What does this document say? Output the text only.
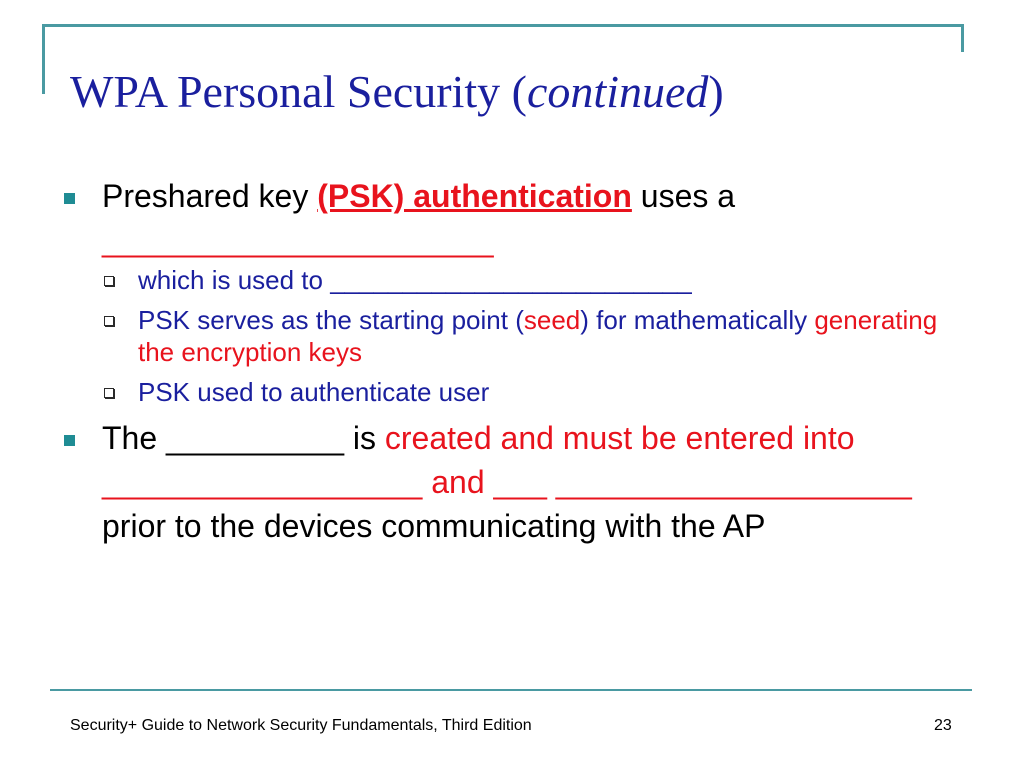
WPA Personal Security (continued)
Preshared key (PSK) authentication uses a
______________________
which is used to _________________________
PSK serves as the starting point (seed) for mathematically generating the encryption keys
PSK used to authenticate user
The __________ is created and must be entered into __________________ and ___ ____________________ prior to the devices communicating with the AP
Security+ Guide to Network Security Fundamentals, Third Edition	23
